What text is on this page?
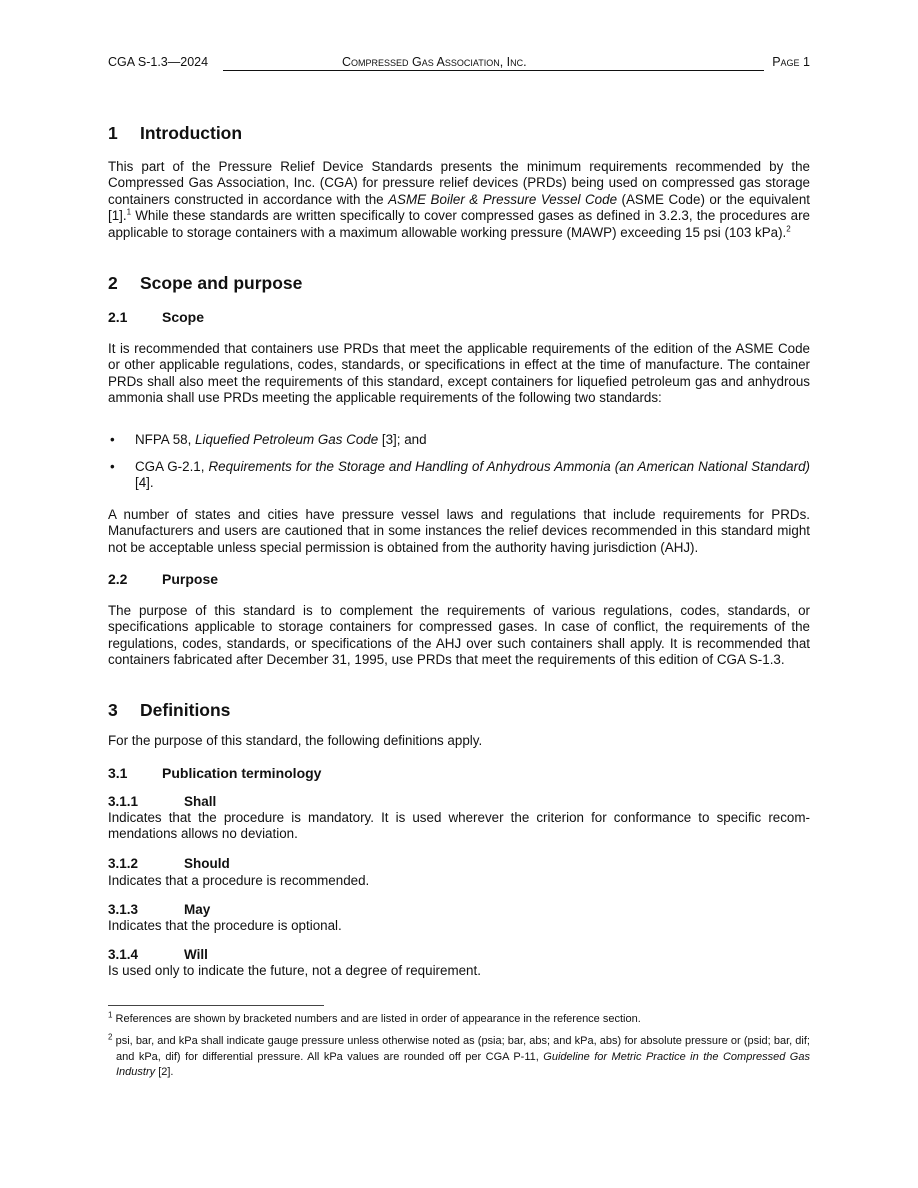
CGA S-1.3—2024	Compressed Gas Association, Inc.	Page 1
1 Introduction

This part of the Pressure Relief Device Standards presents the minimum requirements recommended by the Compressed Gas Association, Inc. (CGA) for pressure relief devices (PRDs) being used on compressed gas storage containers constructed in accordance with the ASME Boiler & Pressure Vessel Code (ASME Code) or the equivalent [1].$^1$ While these standards are written specifically to cover compressed gases as defined in 3.2.3, the procedures are applicable to storage containers with a maximum allowable working pressure (MAWP) exceeding 15 psi (103 kPa).$^2$

2 Scope and purpose
2.1 Scope

It is recommended that containers use PRDs that meet the applicable requirements of the edition of the ASME Code or other applicable regulations, codes, standards, or specifications in effect at the time of manufacture. The container PRDs shall also meet the requirements of this standard, except containers for liquefied petroleum gas and anhydrous ammonia shall use PRDs meeting the applicable requirements of the following two standards:

• NFPA 58, Liquefied Petroleum Gas Code [3]; and
• CGA G-2.1, Requirements for the Storage and Handling of Anhydrous Ammonia (an American National Standard) [4].

A number of states and cities have pressure vessel laws and regulations that include requirements for PRDs. Manufacturers and users are cautioned that in some instances the relief devices recommended in this standard might not be acceptable unless special permission is obtained from the authority having jurisdiction (AHJ).

2.2 Purpose

The purpose of this standard is to complement the requirements of various regulations, codes, standards, or specifications applicable to storage containers for compressed gases. In case of conflict, the requirements of the regulations, codes, standards, or specifications of the AHJ over such containers shall apply. It is recommended that containers fabricated after December 31, 1995, use PRDs that meet the requirements of this edition of CGA S-1.3.

3 Definitions

For the purpose of this standard, the following definitions apply.

3.1 Publication terminology
3.1.1	Shall

Indicates that the procedure is mandatory. It is used wherever the criterion for conformance to specific recommendations allows no deviation.

3.1.2	Should

Indicates that a procedure is recommended.

3.1.3	May

Indicates that the procedure is optional.

3.1.4	Will

Is used only to indicate the future, not a degree of requirement.

$^1$ References are shown by bracketed numbers and are listed in order of appearance in the reference section.
$^2$ psi, bar, and kPa shall indicate gauge pressure unless otherwise noted as (psia; bar, abs; and kPa, abs) for absolute pressure or (psid; bar, dif; and kPa, dif) for differential pressure. All kPa values are rounded off per CGA P-11, Guideline for Metric Practice in the Compressed Gas Industry [2].
